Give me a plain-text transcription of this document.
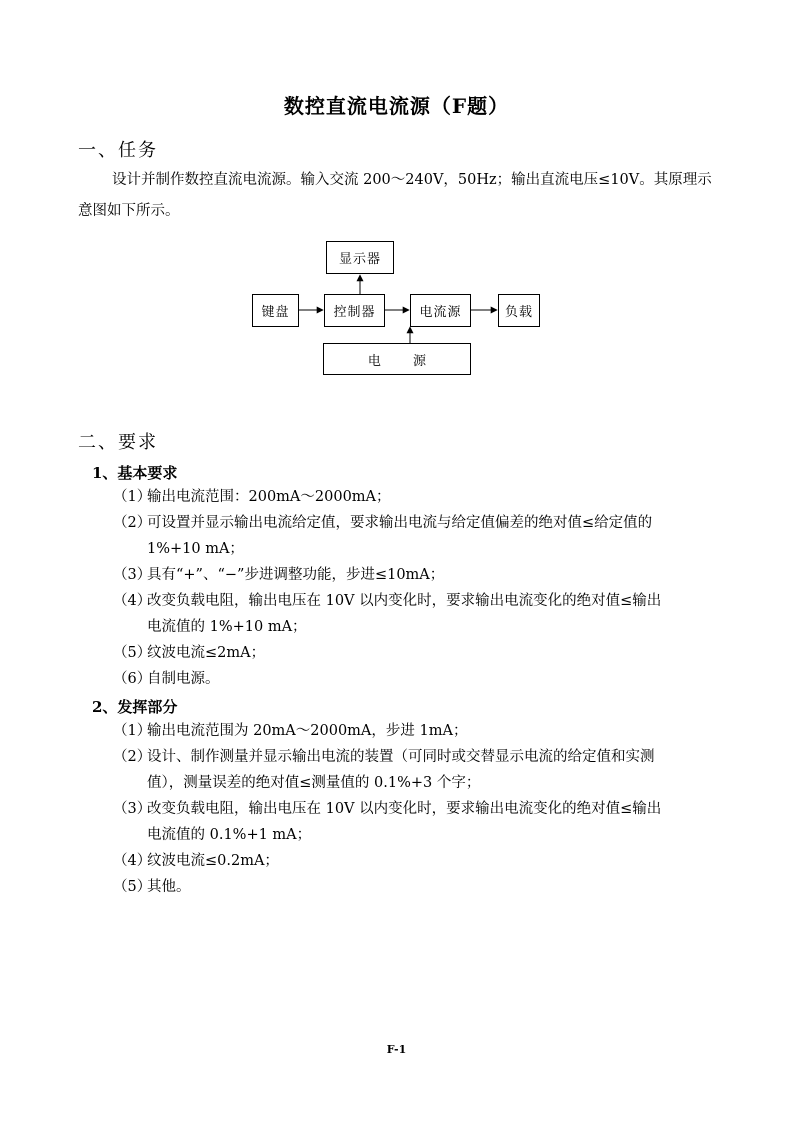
数控直流电流源（F题）
一、任务
设计并制作数控直流电流源。输入交流 200～240V，50Hz；输出直流电压≤10V。其原理示意图如下所示。
显示器
键盘	控制器	电流源	负载
电 源
二、要求
1、基本要求
（1）输出电流范围：200mA～2000mA；
（2）可设置并显示输出电流给定值，要求输出电流与给定值偏差的绝对值≤给定值的
1%+10 mA；
（3）具有“+”、“−”步进调整功能，步进≤10mA；
（4）改变负载电阻，输出电压在 10V 以内变化时，要求输出电流变化的绝对值≤输出
电流值的 1%+10 mA；
（5）纹波电流≤2mA；
（6）自制电源。
2、发挥部分
（1）输出电流范围为 20mA～2000mA，步进 1mA；
（2）设计、制作测量并显示输出电流的装置（可同时或交替显示电流的给定值和实测
值），测量误差的绝对值≤测量值的 0.1%+3 个字；
（3）改变负载电阻，输出电压在 10V 以内变化时，要求输出电流变化的绝对值≤输出
电流值的 0.1%+1 mA；
（4）纹波电流≤0.2mA；
（5）其他。
F-1
